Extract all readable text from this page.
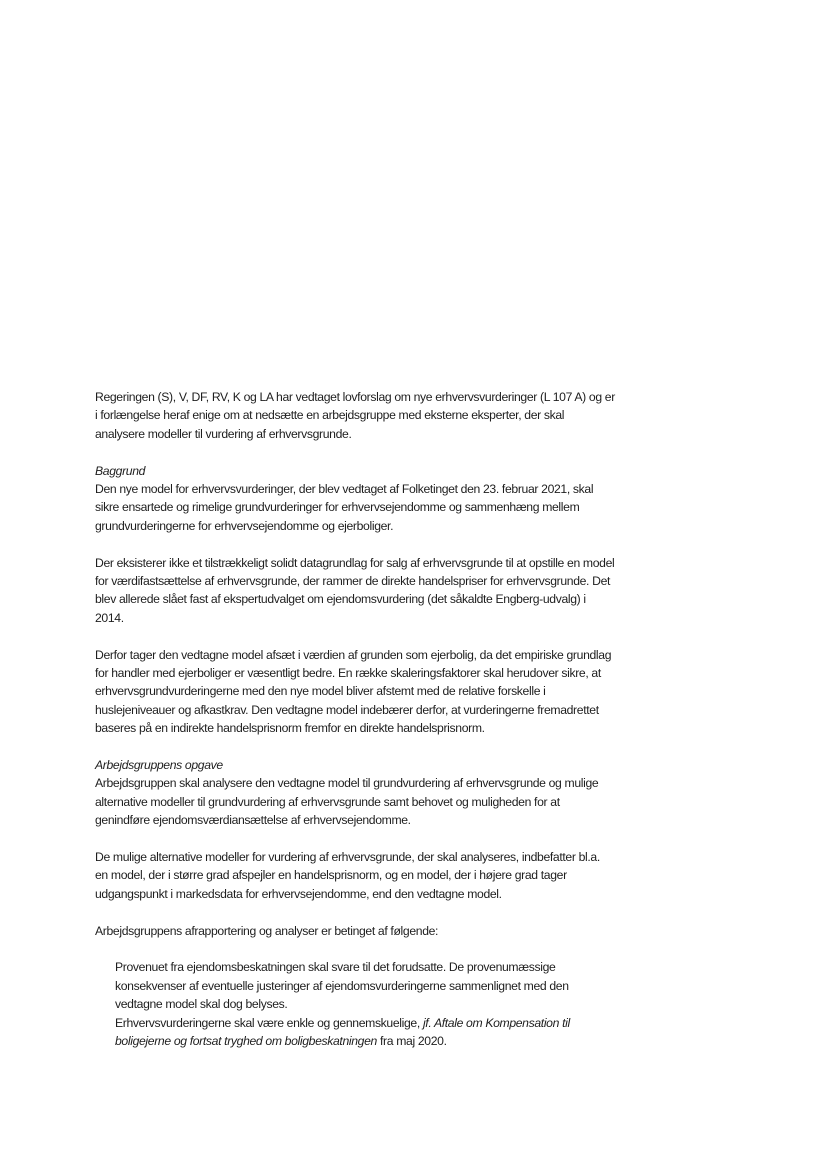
Regeringen (S), V, DF, RV, K og LA har vedtaget lovforslag om nye erhvervsvurderinger (L 107 A) og er i forlængelse heraf enige om at nedsætte en arbejdsgruppe med eksterne eksperter, der skal analysere modeller til vurdering af erhvervsgrunde.

Baggrund

Den nye model for erhvervsvurderinger, der blev vedtaget af Folketinget den 23. februar 2021, skal sikre ensartede og rimelige grundvurderinger for erhvervsejendomme og sammenhæng mellem grundvurderingerne for erhvervsejendomme og ejerboliger.

Der eksisterer ikke et tilstrækkeligt solidt datagrundlag for salg af erhvervsgrunde til at opstille en model for værdifastsættelse af erhvervsgrunde, der rammer de direkte handelspriser for erhvervsgrunde. Det blev allerede slået fast af ekspertudvalget om ejendomsvurdering (det såkaldte Engberg-udvalg) i 2014.

Derfor tager den vedtagne model afsæt i værdien af grunden som ejerbolig, da det empiriske grundlag for handler med ejerboliger er væsentligt bedre. En række skaleringsfaktorer skal herudover sikre, at erhvervsgrundvurderingerne med den nye model bliver afstemt med de relative forskelle i huslejeniveauer og afkastkrav. Den vedtagne model indebærer derfor, at vurderingerne fremadrettet baseres på en indirekte handelsprisnorm fremfor en direkte handelsprisnorm.

Arbejdsgruppens opgave

Arbejdsgruppen skal analysere den vedtagne model til grundvurdering af erhvervsgrunde og mulige alternative modeller til grundvurdering af erhvervsgrunde samt behovet og muligheden for at genindføre ejendomsværdiansættelse af erhvervsejendomme.

De mulige alternative modeller for vurdering af erhvervsgrunde, der skal analyseres, indbefatter bl.a. en model, der i større grad afspejler en handelsprisnorm, og en model, der i højere grad tager udgangspunkt i markedsdata for erhvervsejendomme, end den vedtagne model.

Arbejdsgruppens afrapportering og analyser er betinget af følgende:

Provenuet fra ejendomsbeskatningen skal svare til det forudsatte. De provenumæssige konsekvenser af eventuelle justeringer af ejendomsvurderingerne sammenlignet med den vedtagne model skal dog belyses.
Erhvervsvurderingerne skal være enkle og gennemskuelige, jf. Aftale om Kompensation til boligejerne og fortsat tryghed om boligbeskatningen fra maj 2020.
